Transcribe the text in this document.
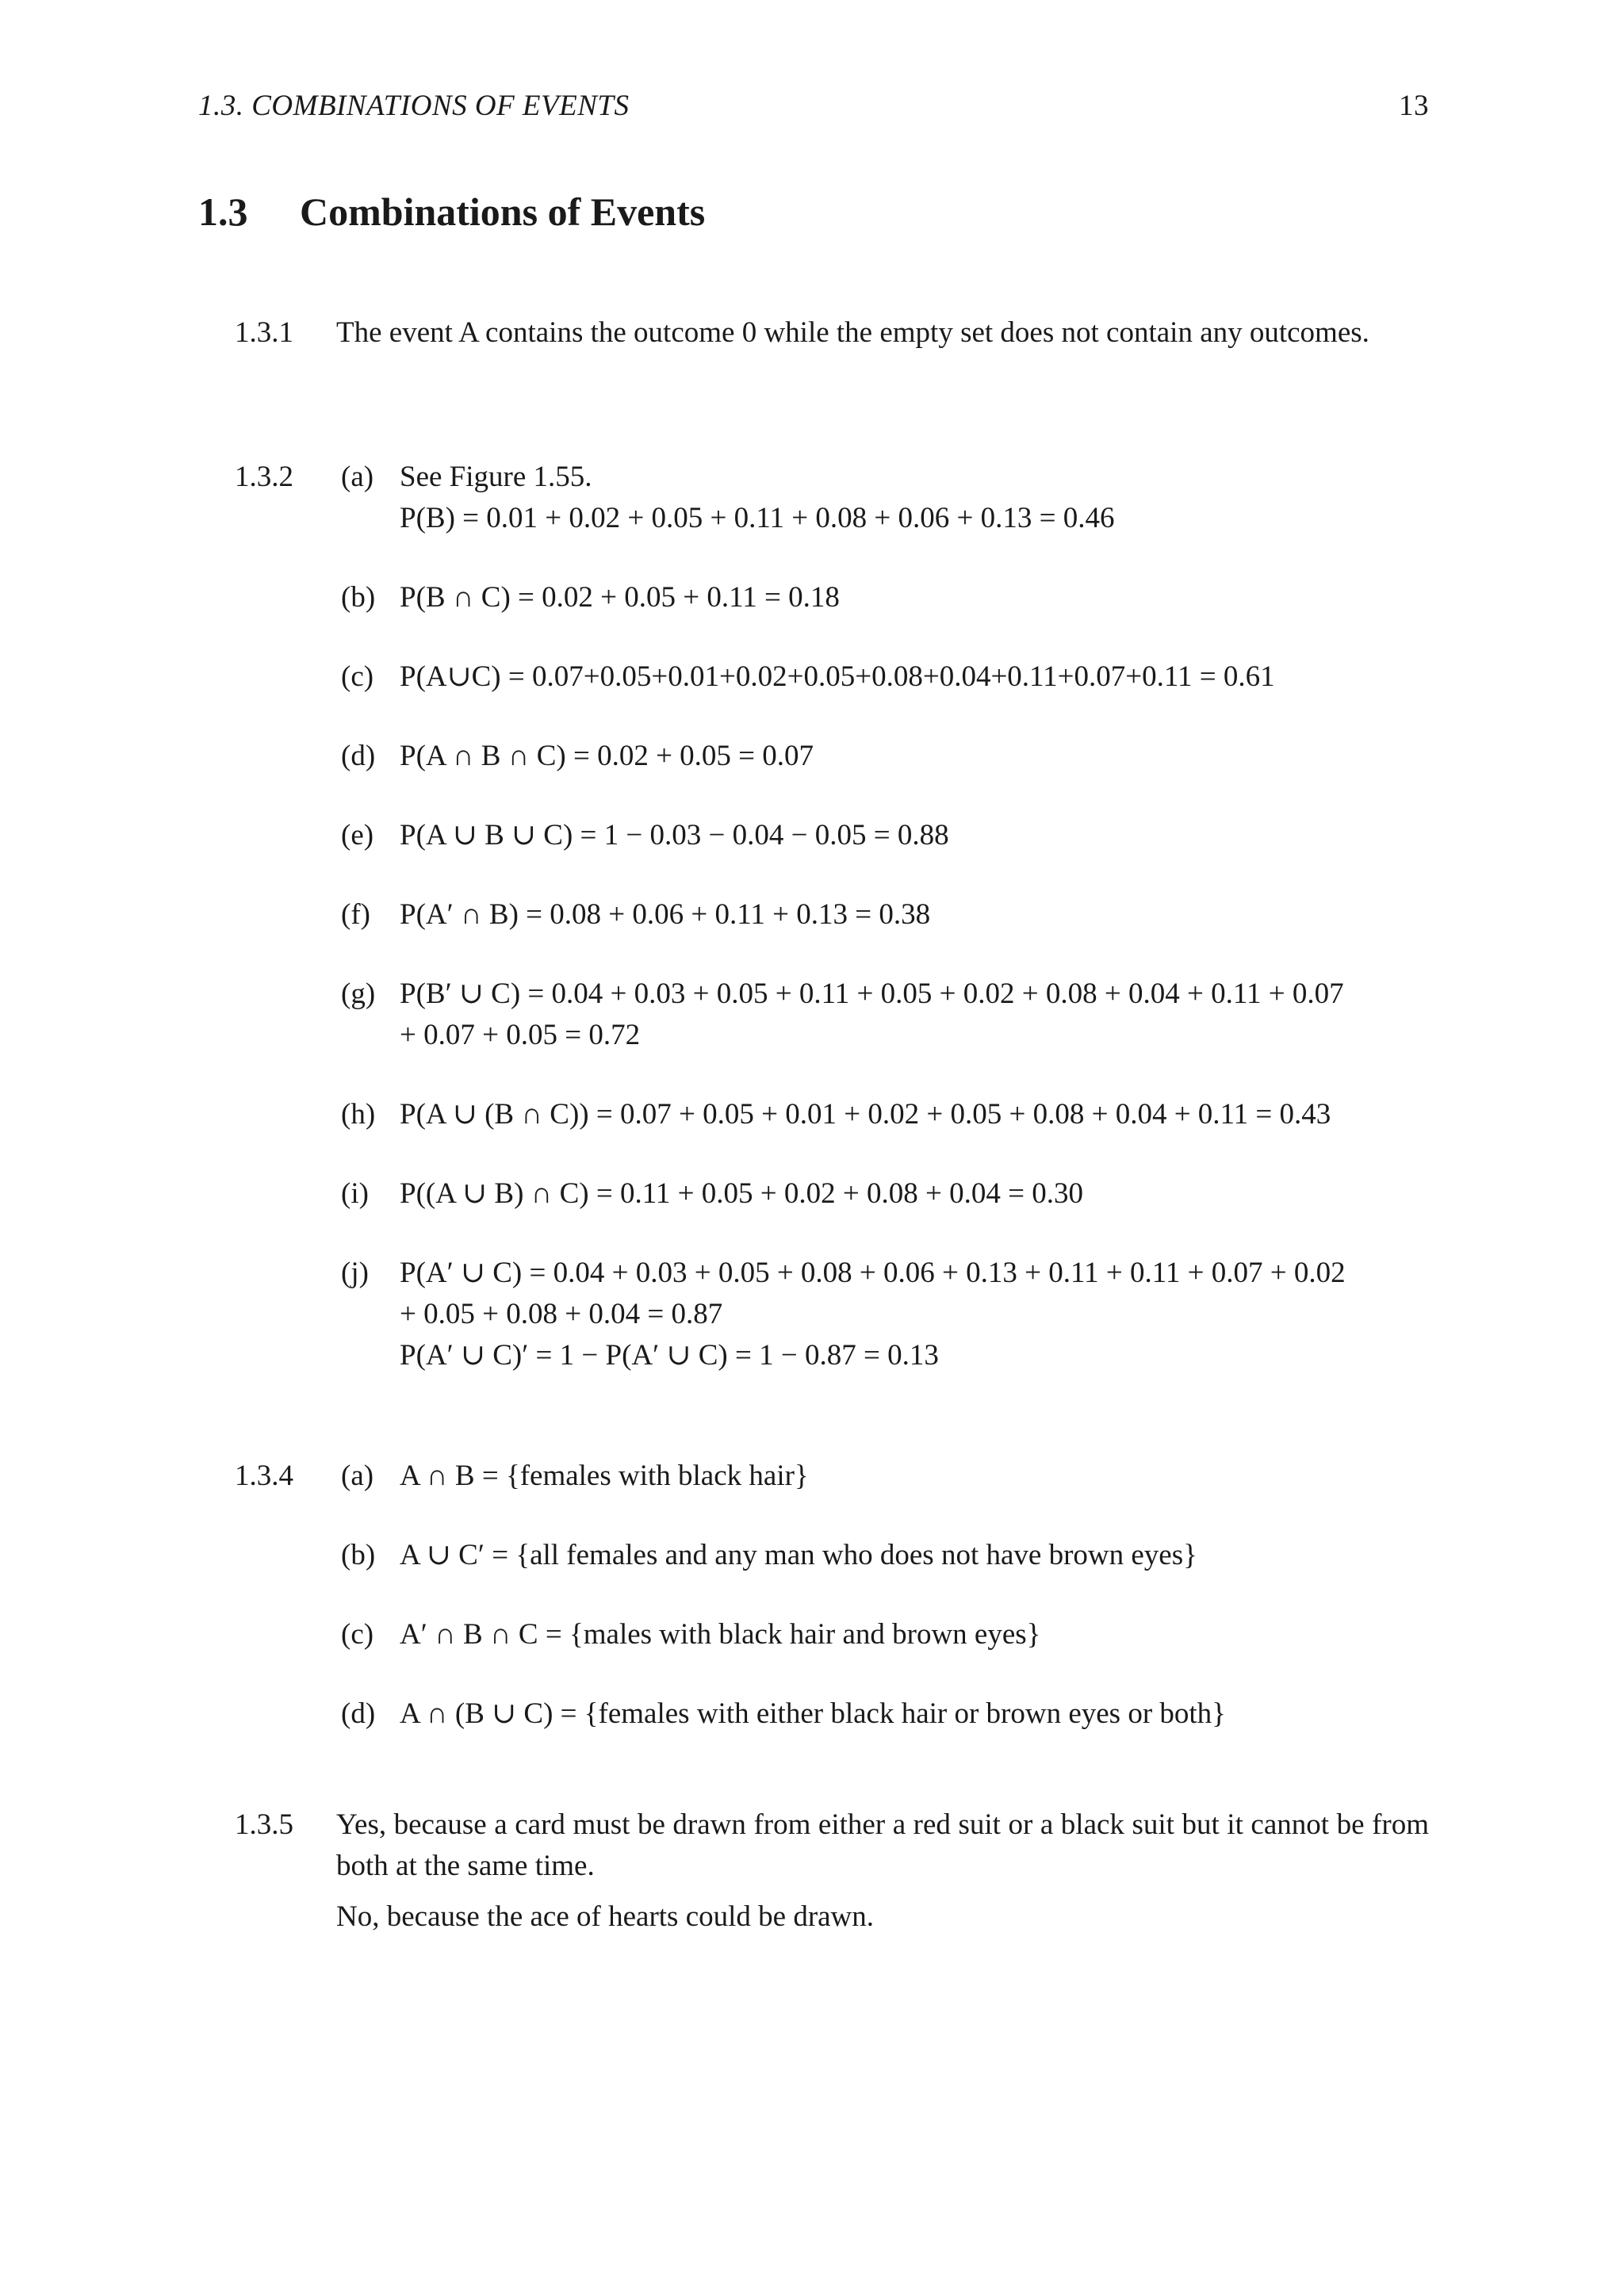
1.3. COMBINATIONS OF EVENTS	13
1.3 Combinations of Events
1.3.1 The event A contains the outcome 0 while the empty set does not contain any outcomes.
1.3.2 (a) See Figure 1.55.
P(B) = 0.01 + 0.02 + 0.05 + 0.11 + 0.08 + 0.06 + 0.13 = 0.46
(b) P(B ∩ C) = 0.02 + 0.05 + 0.11 = 0.18
(c) P(A∪C) = 0.07+0.05+0.01+0.02+0.05+0.08+0.04+0.11+0.07+0.11 = 0.61
(d) P(A ∩ B ∩ C) = 0.02 + 0.05 = 0.07
(e) P(A ∪ B ∪ C) = 1 − 0.03 − 0.04 − 0.05 = 0.88
(f) P(A′ ∩ B) = 0.08 + 0.06 + 0.11 + 0.13 = 0.38
(g) P(B′ ∪ C) = 0.04 + 0.03 + 0.05 + 0.11 + 0.05 + 0.02 + 0.08 + 0.04 + 0.11 + 0.07
+ 0.07 + 0.05 = 0.72
(h) P(A ∪ (B ∩ C)) = 0.07 + 0.05 + 0.01 + 0.02 + 0.05 + 0.08 + 0.04 + 0.11 = 0.43
(i) P((A ∪ B) ∩ C) = 0.11 + 0.05 + 0.02 + 0.08 + 0.04 = 0.30
(j) P(A′ ∪ C) = 0.04 + 0.03 + 0.05 + 0.08 + 0.06 + 0.13 + 0.11 + 0.11 + 0.07 + 0.02
+ 0.05 + 0.08 + 0.04 = 0.87
P(A′ ∪ C)′ = 1 − P(A′ ∪ C) = 1 − 0.87 = 0.13
1.3.4 (a) A ∩ B = {females with black hair}
(b) A ∪ C′ = {all females and any man who does not have brown eyes}
(c) A′ ∩ B ∩ C = {males with black hair and brown eyes}
(d) A ∩ (B ∪ C) = {females with either black hair or brown eyes or both}
1.3.5 Yes, because a card must be drawn from either a red suit or a black suit but it cannot be from both at the same time.

No, because the ace of hearts could be drawn.
